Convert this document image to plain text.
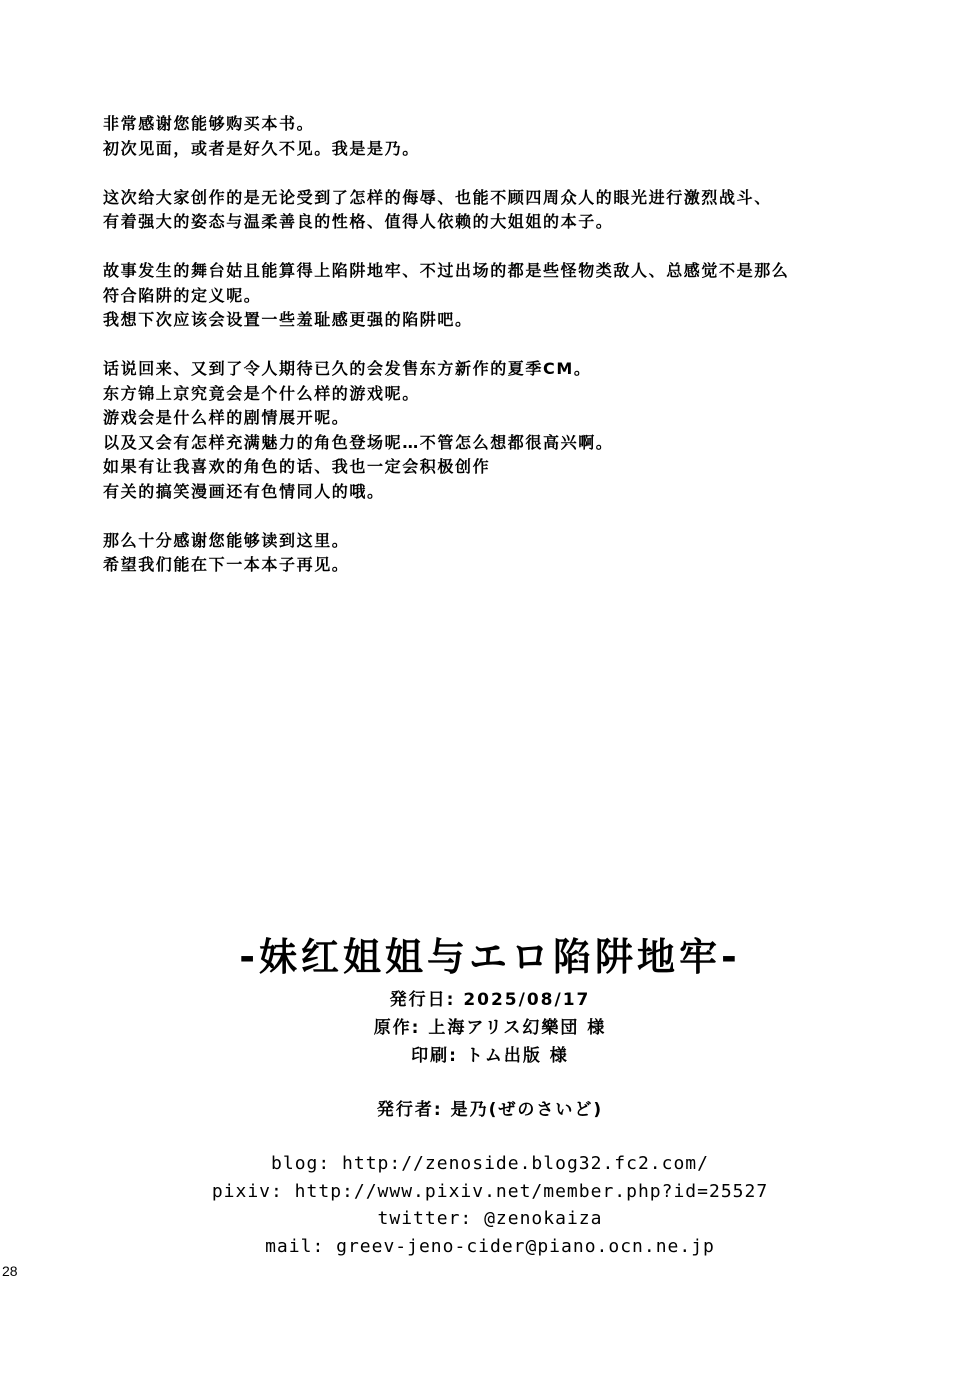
非常感谢您能够购买本书。
初次见面，或者是好久不见。我是是乃。
这次给大家创作的是无论受到了怎样的侮辱、也能不顾四周众人的眼光进行激烈战斗、
有着强大的姿态与温柔善良的性格、值得人依赖的大姐姐的本子。
故事发生的舞台姑且能算得上陷阱地牢、不过出场的都是些怪物类敌人、总感觉不是那么
符合陷阱的定义呢。
我想下次应该会设置一些羞耻感更强的陷阱吧。
话说回来、又到了令人期待已久的会发售东方新作的夏季CM。
东方锦上京究竟会是个什么样的游戏呢。
游戏会是什么样的剧情展开呢。
以及又会有怎样充满魅力的角色登场呢…不管怎么想都很高兴啊。
如果有让我喜欢的角色的话、我也一定会积极创作
有关的搞笑漫画还有色情同人的哦。
那么十分感谢您能够读到这里。
希望我们能在下一本本子再见。
-妹红姐姐与エロ陷阱地牢-
発行日: 2025/08/17
原作: 上海アリス幻樂団 様
印刷: トム出版 様
発行者: 是乃(ぜのさいど)
blog: http://zenoside.blog32.fc2.com/
pixiv: http://www.pixiv.net/member.php?id=25527
twitter: @zenokaiza
mail: greev-jeno-cider@piano.ocn.ne.jp
28
